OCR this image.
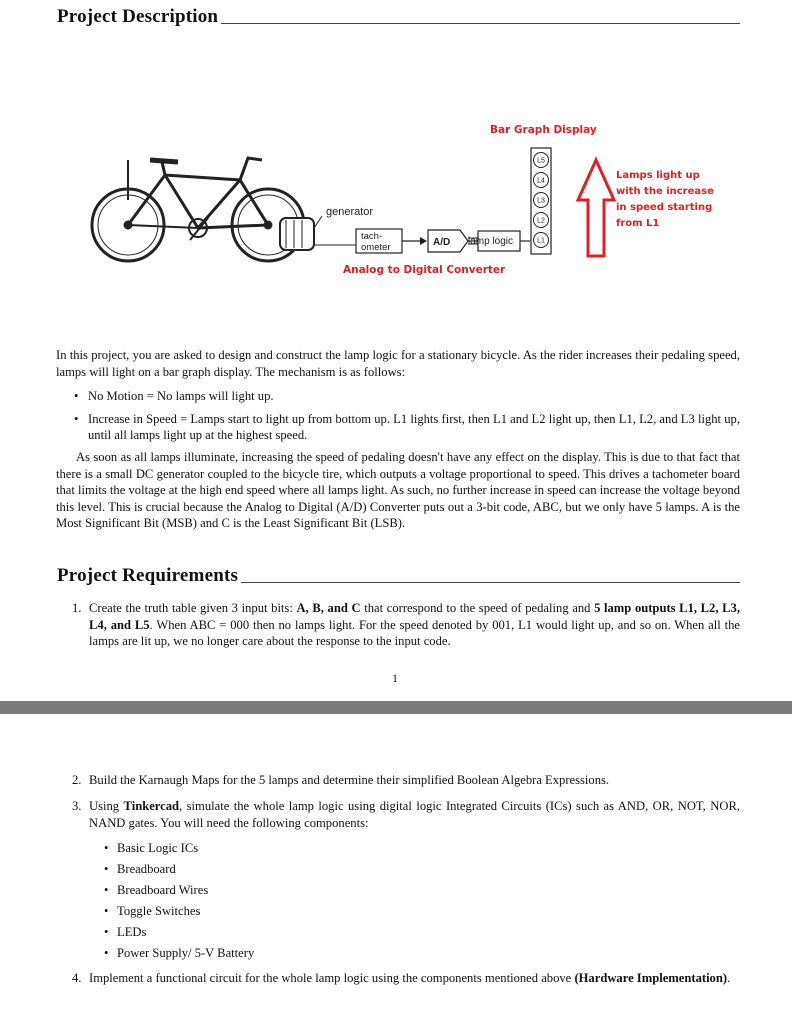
Project Description
generator
tach-
ometer	A/D lamp logic
L5
L4
L3
L2
L1
Bar Graph Display
Lamps light up
with the increase
in speed starting
from L1
Analog to Digital Converter
In this project, you are asked to design and construct the lamp logic for a stationary bicycle. As the rider increases their pedaling speed, lamps will light on a bar graph display. The mechanism is as follows:
• No Motion = No lamps will light up.
• Increase in Speed = Lamps start to light up from bottom up. L1 lights first, then L1 and L2 light up, then L1, L2, and L3 light up, until all lamps light up at the highest speed.
As soon as all lamps illuminate, increasing the speed of pedaling doesn't have any effect on the display. This is due to that fact that there is a small DC generator coupled to the bicycle tire, which outputs a voltage proportional to speed. This drives a tachometer board that limits the voltage at the high end speed where all lamps light. As such, no further increase in speed can increase the voltage beyond this level. This is crucial because the Analog to Digital (A/D) Converter puts out a 3-bit code, ABC, but we only have 5 lamps. A is the Most Significant Bit (MSB) and C is the Least Significant Bit (LSB).
Project Requirements
1. Create the truth table given 3 input bits: A, B, and C that correspond to the speed of pedaling and 5 lamp outputs L1, L2, L3, L4, and L5. When ABC = 000 then no lamps light. For the speed denoted by 001, L1 would light up, and so on. When all the lamps are lit up, we no longer care about the response to the input code.
1
2. Build the Karnaugh Maps for the 5 lamps and determine their simplified Boolean Algebra Expressions.
3. Using Tinkercad, simulate the whole lamp logic using digital logic Integrated Circuits (ICs) such as AND, OR, NOT, NOR, NAND gates. You will need the following components:
• Basic Logic ICs
• Breadboard
• Breadboard Wires
• Toggle Switches
• LEDs
• Power Supply/ 5-V Battery
4. Implement a functional circuit for the whole lamp logic using the components mentioned above (Hardware Implementation).
